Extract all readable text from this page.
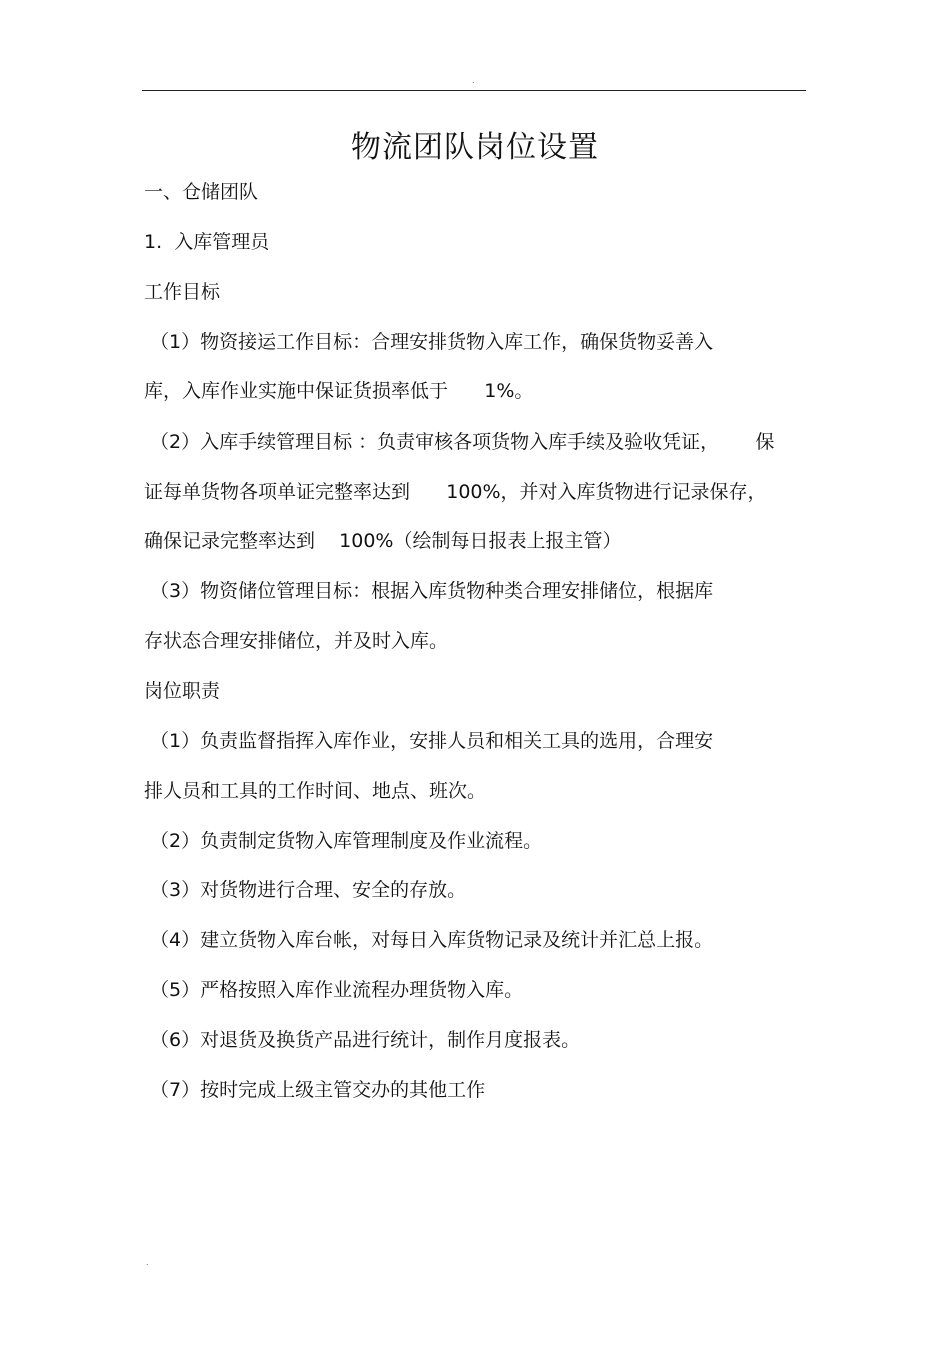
.
物流团队岗位设置
一、仓储团队
1.  入库管理员
工作目标
（1）物资接运工作目标：合理安排货物入库工作，确保货物妥善入
库，入库作业实施中保证货损率低于      1%。
（2）入库手续管理目标 ：负责审核各项货物入库手续及验收凭证，      保
证每单货物各项单证完整率达到      100%，并对入库货物进行记录保存，
确保记录完整率达到    100%（绘制每日报表上报主管）
（3）物资储位管理目标：根据入库货物种类合理安排储位，根据库
存状态合理安排储位，并及时入库。
岗位职责
（1）负责监督指挥入库作业，安排人员和相关工具的选用，合理安
排人员和工具的工作时间、地点、班次。
（2）负责制定货物入库管理制度及作业流程。
（3）对货物进行合理、安全的存放。
（4）建立货物入库台帐，对每日入库货物记录及统计并汇总上报。
（5）严格按照入库作业流程办理货物入库。
（6）对退货及换货产品进行统计，制作月度报表。
（7）按时完成上级主管交办的其他工作
.
